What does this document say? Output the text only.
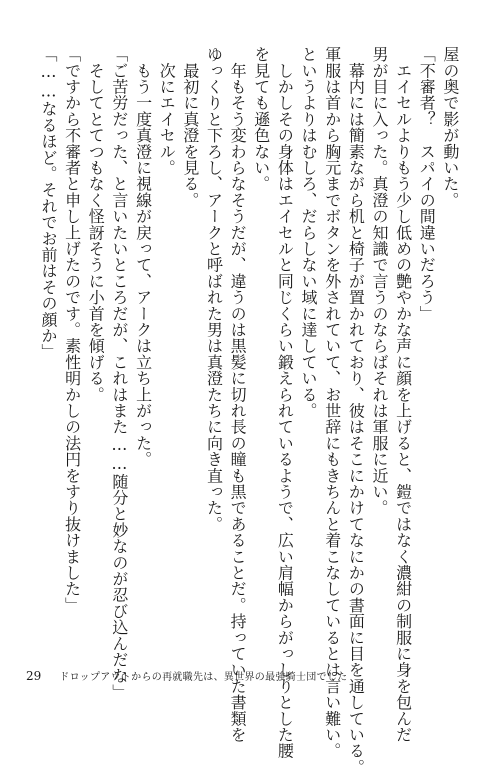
屋の奥で影が動いた。

「不審者？　スパイの間違いだろう」

　エイセルよりもう少し低めの艶やかな声に顔を上げると、鎧ではなく濃紺の制服に身を包んだ

男が目に入った。真澄の知識で言うのならばそれは軍服に近い。

　幕内には簡素ながら机と椅子が置かれており、彼はそこにかけてなにかの書面に目を通している。

軍服は首から胸元までボタンを外されていて、お世辞にもきちんと着こなしているとは言い難い。

というよりはむしろ、だらしない域に達している。

　しかしその身体はエイセルと同じくらい鍛えられているようで、広い肩幅からがっしりとした腰

を見ても遜色ない。

　年もそう変わらなそうだが、違うのは黒髪に切れ長の瞳も黒であることだ。持っていた書類を

ゆっくりと下ろし、アークと呼ばれた男は真澄たちに向き直った。

　最初に真澄を見る。

　次にエイセル。

　もう一度真澄に視線が戻って、アークは立ち上がった。

「ご苦労だった、と言いたいところだが、これはまた……随分と妙なのが忍び込んだな」

　そしてとてつもなく怪訝そうに小首を傾げる。

「ですから不審者と申し上げたのです。素性明かしの法円をすり抜けました」

「……なるほど。それでお前はその顔か」

29 ドロップアウトからの再就職先は、異世界の最強騎士団でした
